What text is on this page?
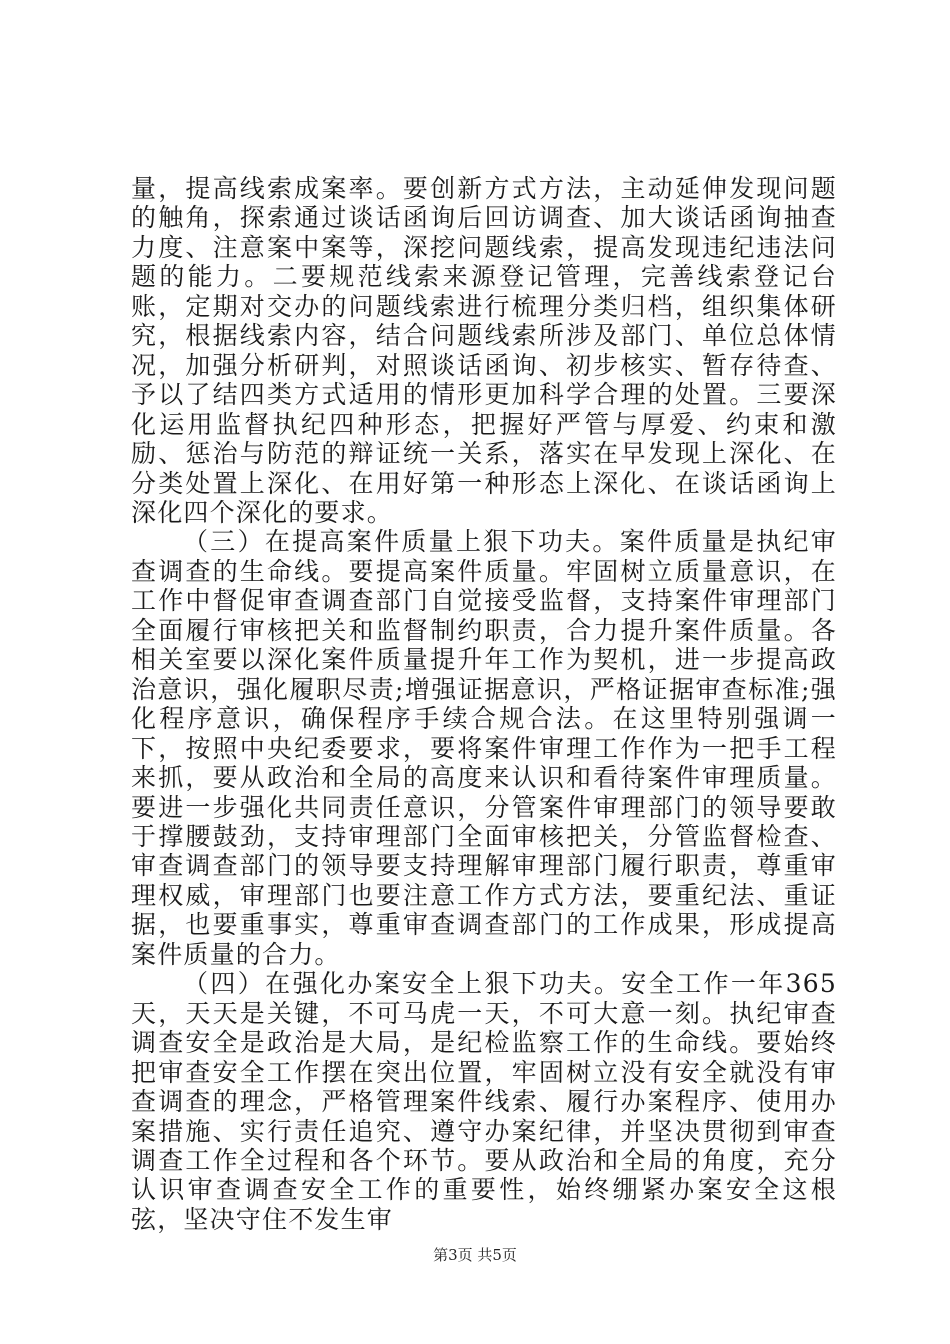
量，提高线索成案率。要创新方式方法，主动延伸发现问题的触角，探索通过谈话函询后回访调查、加大谈话函询抽查力度、注意案中案等，深挖问题线索，提高发现违纪违法问题的能力。二要规范线索来源登记管理，完善线索登记台账，定期对交办的问题线索进行梳理分类归档，组织集体研究，根据线索内容，结合问题线索所涉及部门、单位总体情况，加强分析研判，对照谈话函询、初步核实、暂存待查、予以了结四类方式适用的情形更加科学合理的处置。三要深化运用监督执纪四种形态，把握好严管与厚爱、约束和激励、惩治与防范的辩证统一关系，落实在早发现上深化、在分类处置上深化、在用好第一种形态上深化、在谈话函询上深化四个深化的要求。

（三）在提高案件质量上狠下功夫。案件质量是执纪审查调查的生命线。要提高案件质量。牢固树立质量意识，在工作中督促审查调查部门自觉接受监督，支持案件审理部门全面履行审核把关和监督制约职责，合力提升案件质量。各相关室要以深化案件质量提升年工作为契机，进一步提高政治意识，强化履职尽责;增强证据意识，严格证据审查标准;强化程序意识，确保程序手续合规合法。在这里特别强调一下，按照中央纪委要求，要将案件审理工作作为一把手工程来抓，要从政治和全局的高度来认识和看待案件审理质量。要进一步强化共同责任意识，分管案件审理部门的领导要敢于撑腰鼓劲，支持审理部门全面审核把关，分管监督检查、审查调查部门的领导要支持理解审理部门履行职责，尊重审理权威，审理部门也要注意工作方式方法，要重纪法、重证据，也要重事实，尊重审查调查部门的工作成果，形成提高案件质量的合力。

（四）在强化办案安全上狠下功夫。安全工作一年365天，天天是关键，不可马虎一天，不可大意一刻。执纪审查调查安全是政治是大局，是纪检监察工作的生命线。要始终把审查安全工作摆在突出位置，牢固树立没有安全就没有审查调查的理念，严格管理案件线索、履行办案程序、使用办案措施、实行责任追究、遵守办案纪律，并坚决贯彻到审查调查工作全过程和各个环节。要从政治和全局的角度，充分认识审查调查安全工作的重要性，始终绷紧办案安全这根弦，坚决守住不发生审

第3页 共5页
